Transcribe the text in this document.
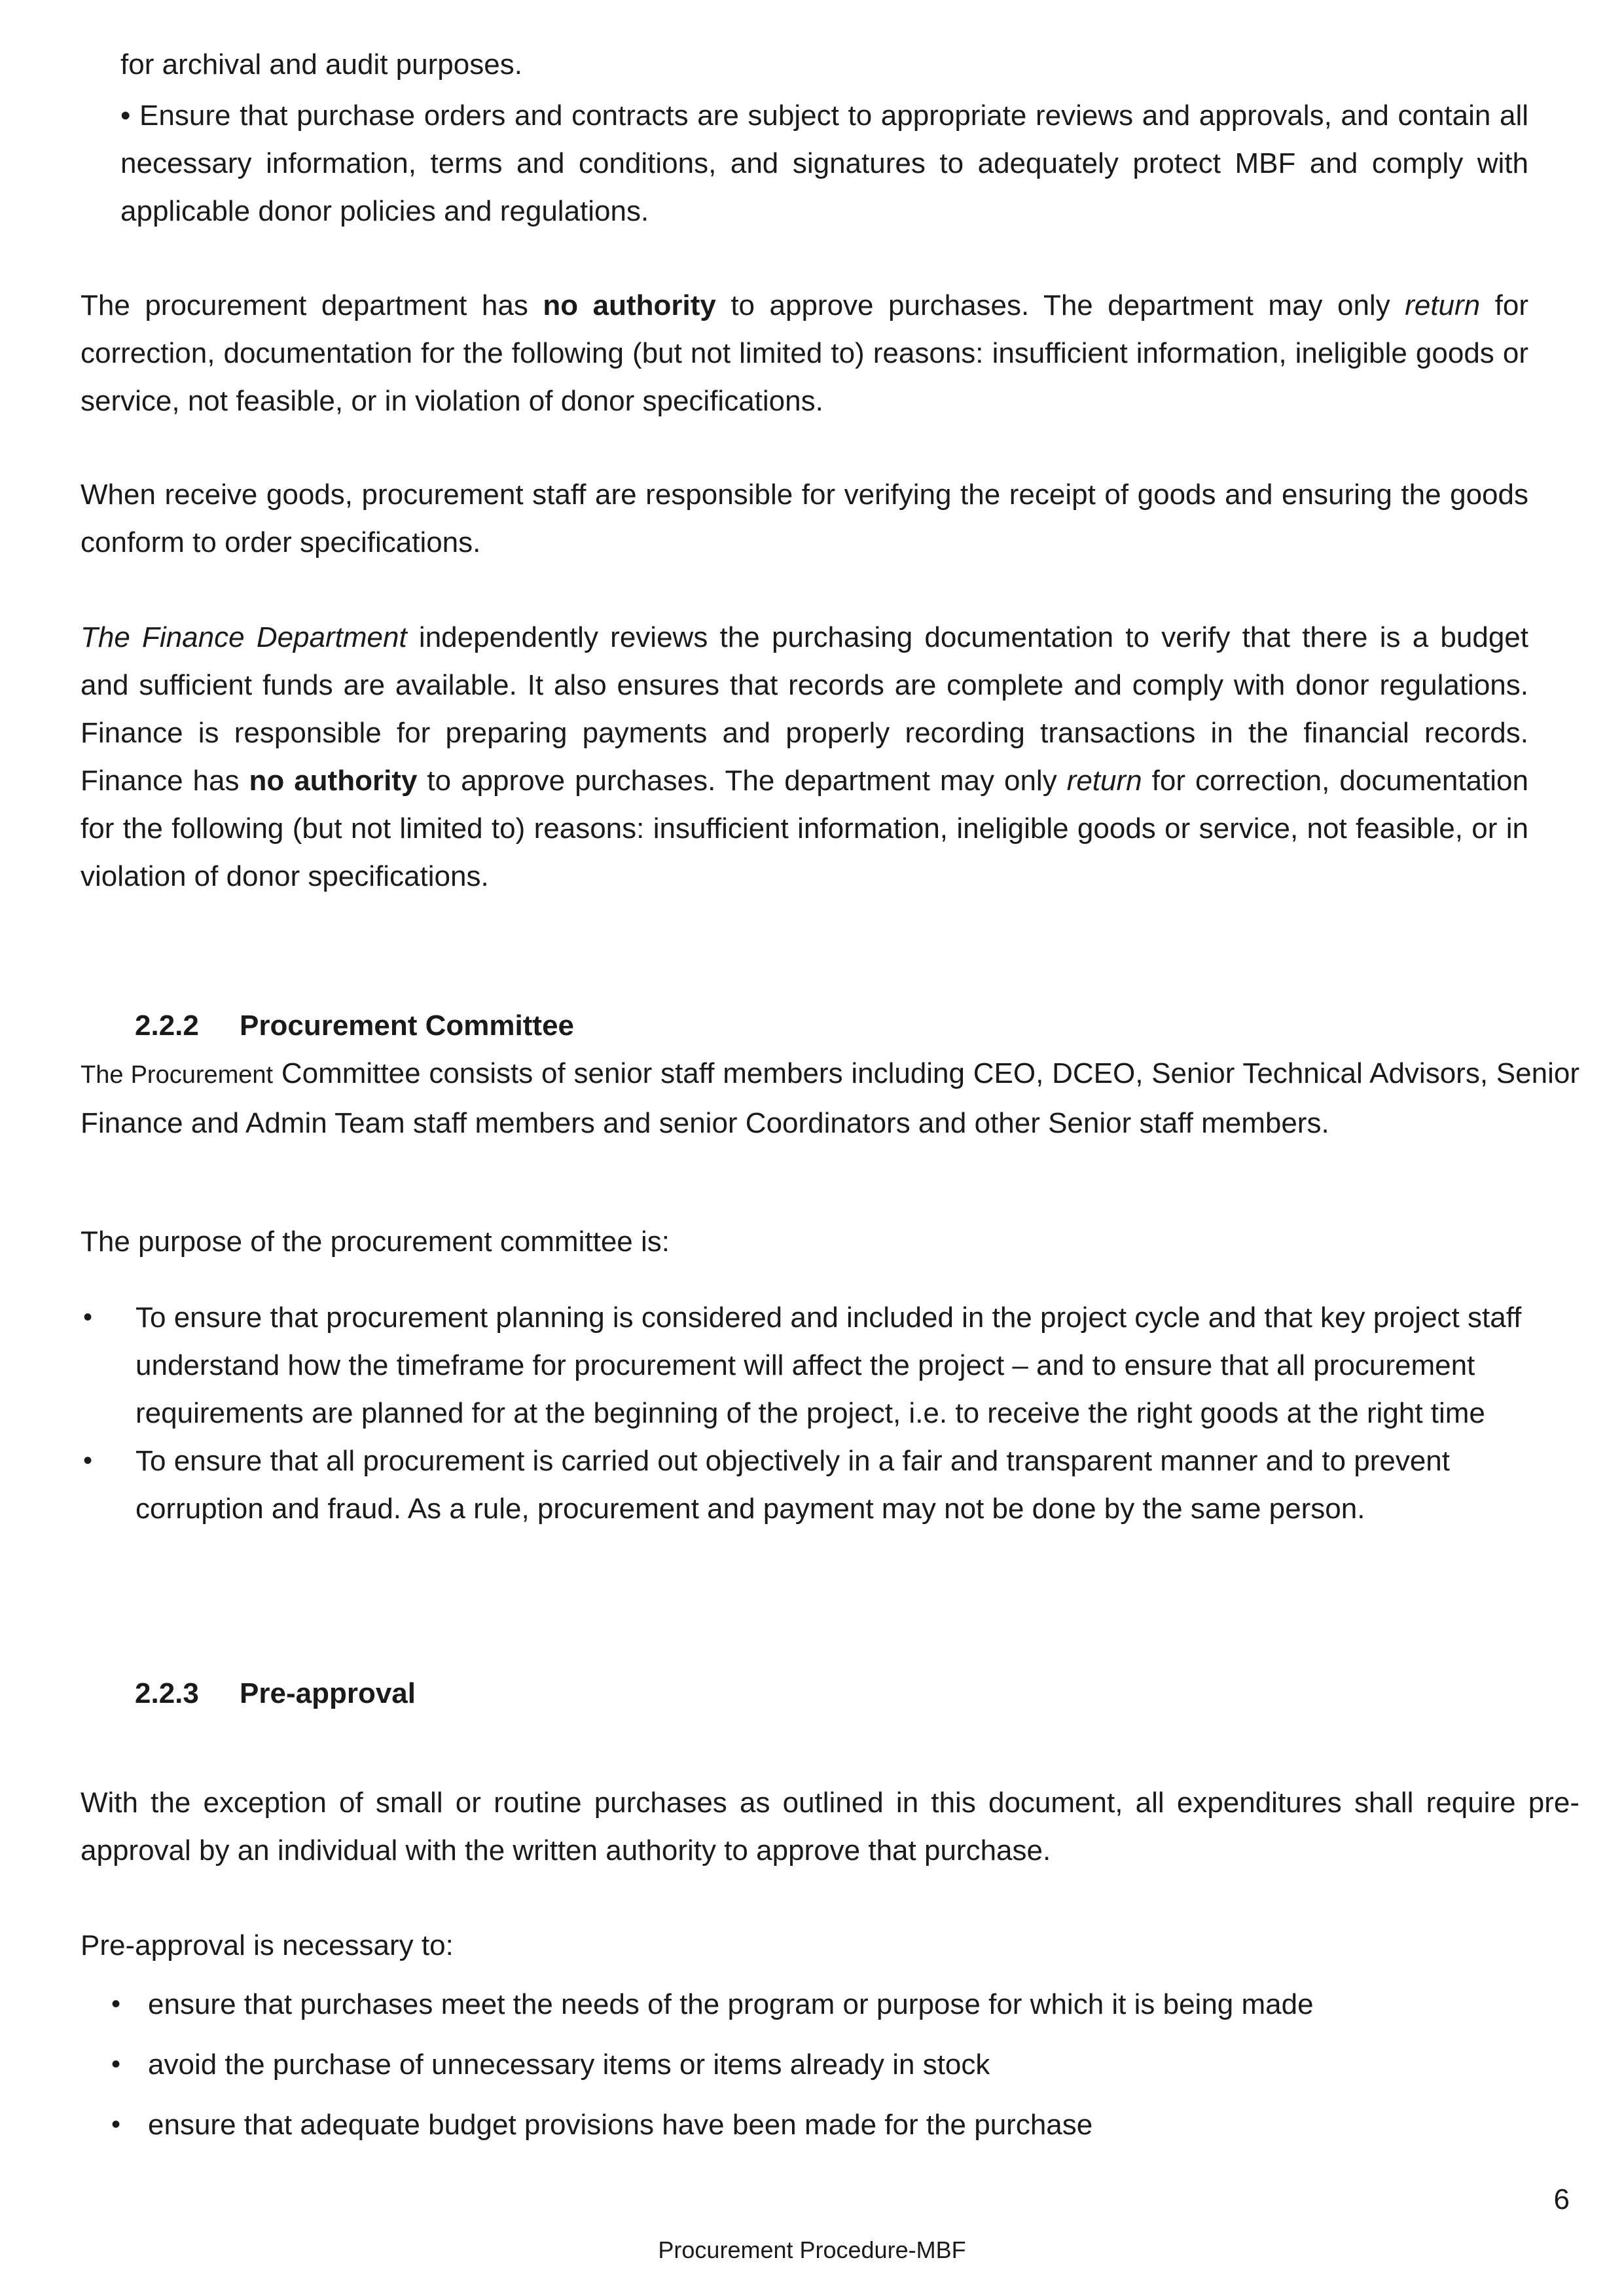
for archival and audit purposes.

• Ensure that purchase orders and contracts are subject to appropriate reviews and approvals, and contain all necessary information, terms and conditions, and signatures to adequately protect MBF and comply with applicable donor policies and regulations.

The procurement department has no authority to approve purchases. The department may only return for correction, documentation for the following (but not limited to) reasons: insufficient information, ineligible goods or service, not feasible, or in violation of donor specifications.

When receive goods, procurement staff are responsible for verifying the receipt of goods and ensuring the goods conform to order specifications.

The Finance Department independently reviews the purchasing documentation to verify that there is a budget and sufficient funds are available. It also ensures that records are complete and comply with donor regulations. Finance is responsible for preparing payments and properly recording transactions in the financial records. Finance has no authority to approve purchases. The department may only return for correction, documentation for the following (but not limited to) reasons: insufficient information, ineligible goods or service, not feasible, or in violation of donor specifications.

2.2.2 Procurement Committee

The Procurement Committee consists of senior staff members including CEO, DCEO, Senior Technical Advisors, Senior Finance and Admin Team staff members and senior Coordinators and other Senior staff members.

The purpose of the procurement committee is:

• To ensure that procurement planning is considered and included in the project cycle and that key project staff understand how the timeframe for procurement will affect the project – and to ensure that all procurement requirements are planned for at the beginning of the project, i.e. to receive the right goods at the right time
• To ensure that all procurement is carried out objectively in a fair and transparent manner and to prevent corruption and fraud. As a rule, procurement and payment may not be done by the same person.
2.2.3 Pre-approval

With the exception of small or routine purchases as outlined in this document, all expenditures shall require pre- approval by an individual with the written authority to approve that purchase.

Pre-approval is necessary to:

• ensure that purchases meet the needs of the program or purpose for which it is being made
• avoid the purchase of unnecessary items or items already in stock
• ensure that adequate budget provisions have been made for the purchase
6
Procurement Procedure-MBF
